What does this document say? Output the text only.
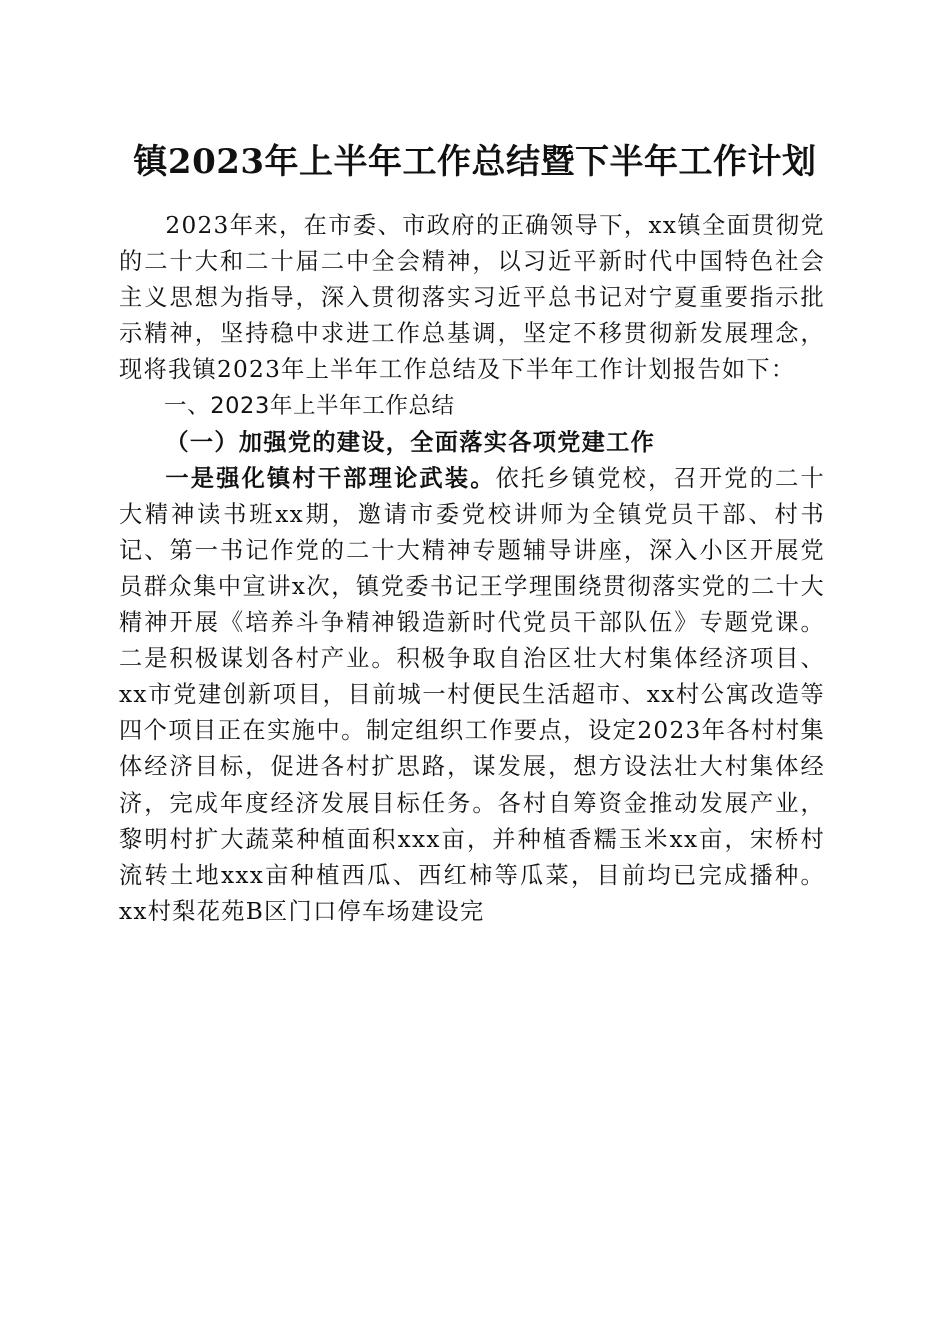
镇2023年上半年工作总结暨下半年工作计划

2023年来，在市委、市政府的正确领导下，xx镇全面贯彻党的二十大和二十届二中全会精神，以习近平新时代中国特色社会主义思想为指导，深入贯彻落实习近平总书记对宁夏重要指示批示精神，坚持稳中求进工作总基调，坚定不移贯彻新发展理念，现将我镇2023年上半年工作总结及下半年工作计划报告如下：

一、2023年上半年工作总结

（一）加强党的建设，全面落实各项党建工作

一是强化镇村干部理论武装。依托乡镇党校，召开党的二十大精神读书班xx期，邀请市委党校讲师为全镇党员干部、村书记、第一书记作党的二十大精神专题辅导讲座，深入小区开展党员群众集中宣讲x次，镇党委书记王学理围绕贯彻落实党的二十大精神开展《培养斗争精神锻造新时代党员干部队伍》专题党课。二是积极谋划各村产业。积极争取自治区壮大村集体经济项目、xx市党建创新项目，目前城一村便民生活超市、xx村公寓改造等四个项目正在实施中。制定组织工作要点，设定2023年各村村集体经济目标，促进各村扩思路，谋发展，想方设法壮大村集体经济，完成年度经济发展目标任务。各村自筹资金推动发展产业，黎明村扩大蔬菜种植面积xxx亩，并种植香糯玉米xx亩，宋桥村流转土地xxx亩种植西瓜、西红柿等瓜菜，目前均已完成播种。xx村梨花苑B区门口停车场建设完
